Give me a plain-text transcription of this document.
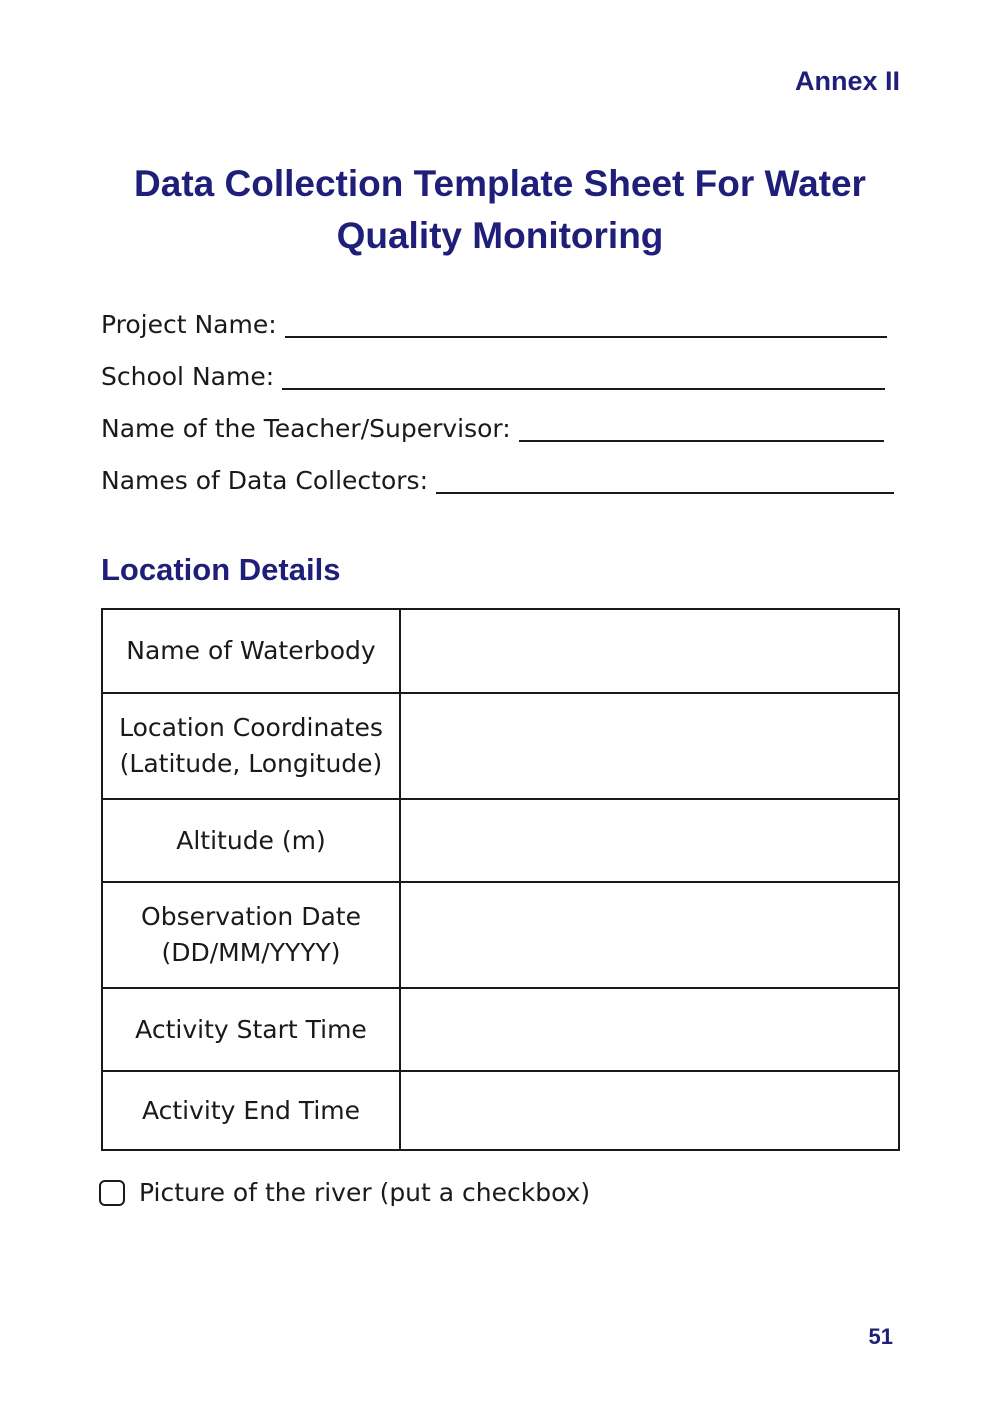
Annex II
Data Collection Template Sheet For Water
Quality Monitoring
Project Name:
School Name:
Name of the Teacher/Supervisor:
Names of Data Collectors:
Location Details
Name of Waterbody	
Location Coordinates
(Latitude, Longitude)	
Altitude (m)	
Observation Date
(DD/MM/YYYY)	
Activity Start Time	
Activity End Time	
Picture of the river (put a checkbox)
51
